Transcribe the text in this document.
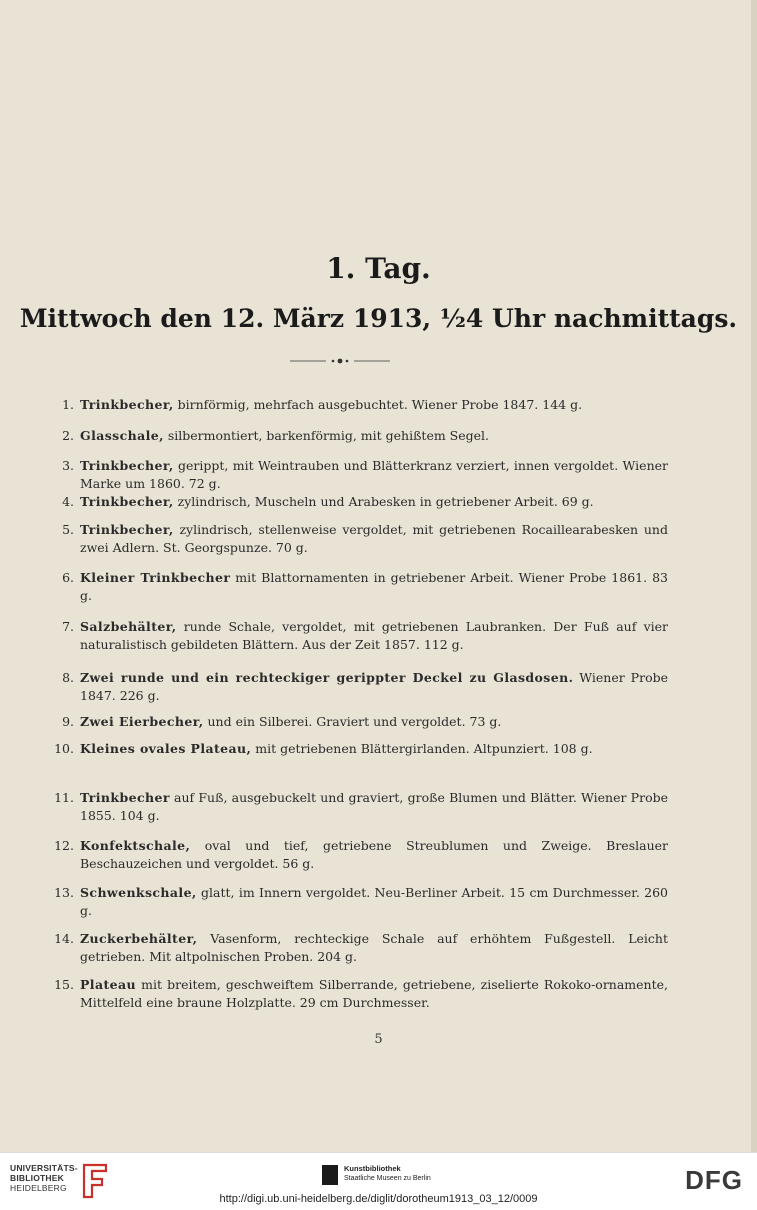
1. Tag.
Mittwoch den 12. März 1913, ½4 Uhr nachmittags.
1. Trinkbecher, birnförmig, mehrfach ausgebuchtet. Wiener Probe 1847. 144 g.
2. Glasschale, silbermontiert, barkenförmig, mit gehißtem Segel.
3. Trinkbecher, gerippt, mit Weintrauben und Blätterkranz verziert, innen vergoldet. Wiener Marke um 1860. 72 g.
4. Trinkbecher, zylindrisch, Muscheln und Arabesken in getriebener Arbeit. 69 g.
5. Trinkbecher, zylindrisch, stellenweise vergoldet, mit getriebenen Rocaillearabesken und zwei Adlern. St. Georgspunze. 70 g.
6. Kleiner Trinkbecher mit Blattornamenten in getriebener Arbeit. Wiener Probe 1861. 83 g.
7. Salzbehälter, runde Schale, vergoldet, mit getriebenen Laubranken. Der Fuß auf vier naturalistisch gebildeten Blättern. Aus der Zeit 1857. 112 g.
8. Zwei runde und ein rechteckiger gerippter Deckel zu Glasdosen. Wiener Probe 1847. 226 g.
9. Zwei Eierbecher, und ein Silberei. Graviert und vergoldet. 73 g.
10. Kleines ovales Plateau, mit getriebenen Blättergirlanden. Altpunziert. 108 g.
11. Trinkbecher auf Fuß, ausgebuckelt und graviert, große Blumen und Blätter. Wiener Probe 1855. 104 g.
12. Konfektschale, oval und tief, getriebene Streublumen und Zweige. Breslauer Beschauzeichen und vergoldet. 56 g.
13. Schwenkschale, glatt, im Innern vergoldet. Neu-Berliner Arbeit. 15 cm Durchmesser. 260 g.
14. Zuckerbehälter, Vasenform, rechteckige Schale auf erhöhtem Fußgestell. Leicht getrieben. Mit altpolnischen Proben. 204 g.
15. Plateau mit breitem, geschweiftem Silberrande, getriebene, ziselierte Rokoko-ornamente, Mittelfeld eine braune Holzplatte. 29 cm Durchmesser.
5
UNIVERSITÄTS-
BIBLIOTHEK
HEIDELBERG
Kunstbibliothek
Staatliche Museen zu Berlin	DFG
http://digi.ub.uni-heidelberg.de/diglit/dorotheum1913_03_12/0009
